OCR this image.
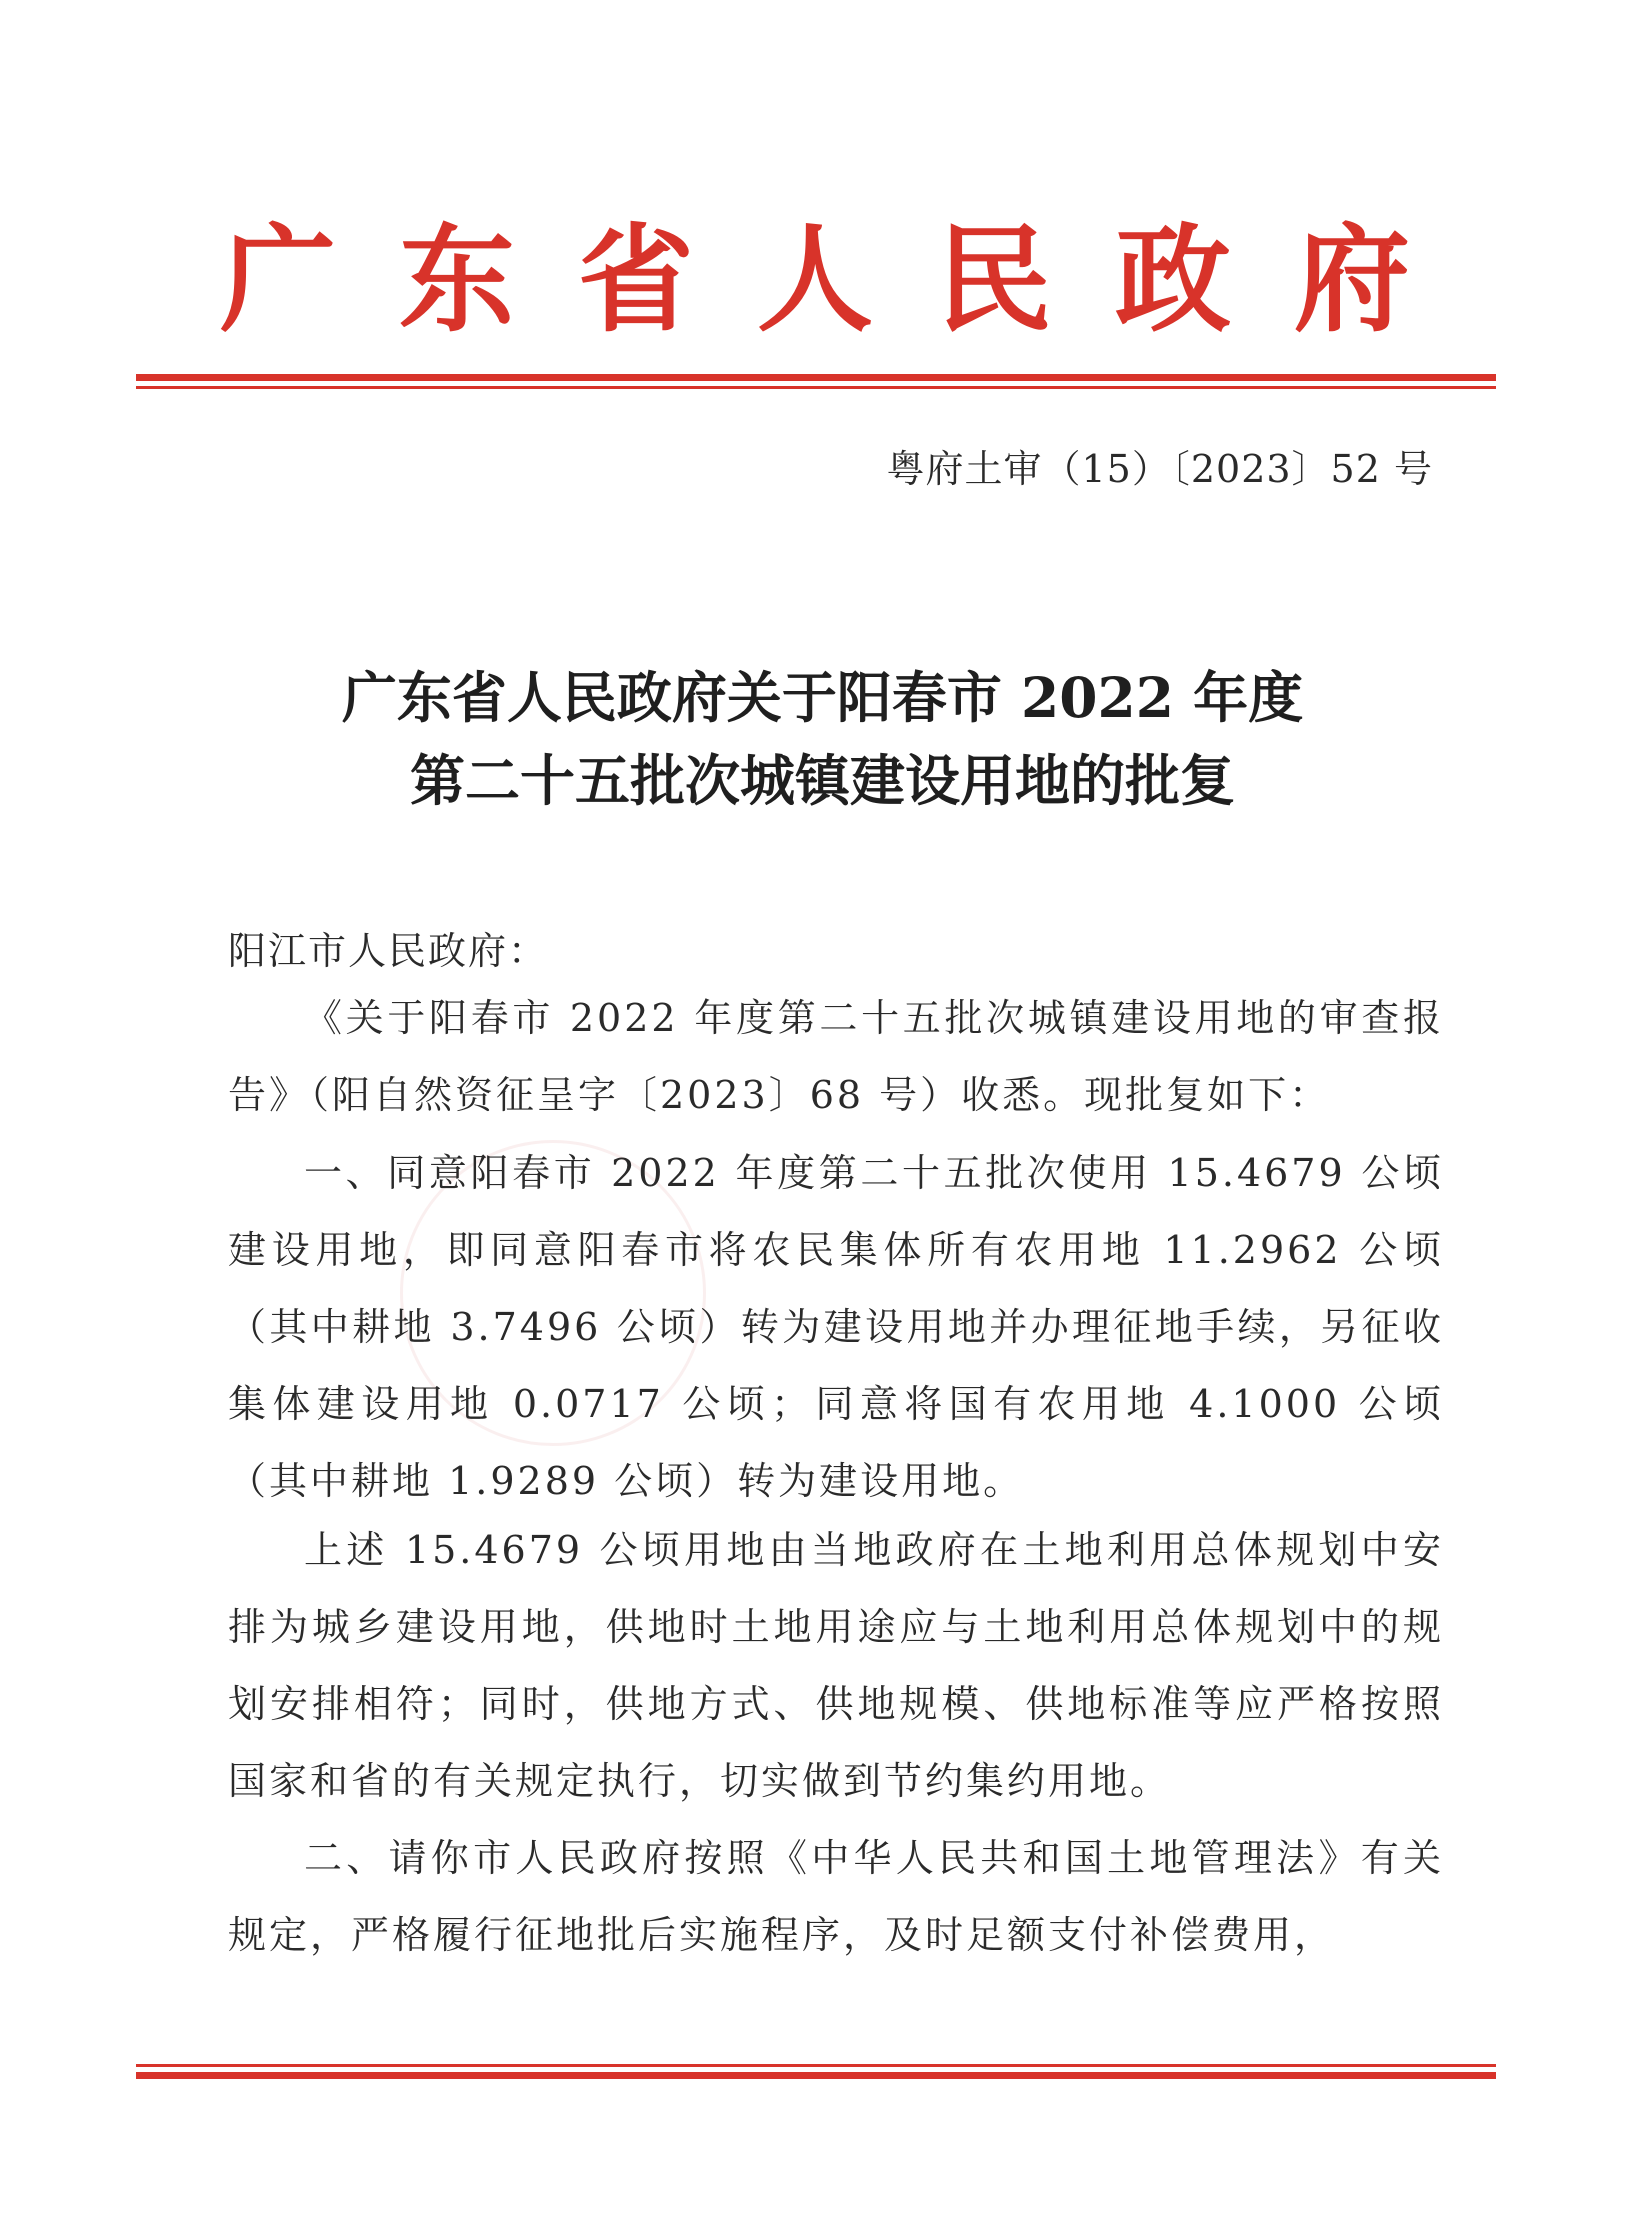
广 东 省 人 民 政 府
粤府土审（15）〔2023〕52 号
广东省人民政府关于阳春市 2022 年度
第二十五批次城镇建设用地的批复
阳江市人民政府：

《关于阳春市 2022 年度第二十五批次城镇建设用地的审查报告》（阳自然资征呈字〔2023〕68 号）收悉。现批复如下：

一、同意阳春市 2022 年度第二十五批次使用 15.4679 公顷建设用地，即同意阳春市将农民集体所有农用地 11.2962 公顷（其中耕地 3.7496 公顷）转为建设用地并办理征地手续，另征收集体建设用地 0.0717 公顷；同意将国有农用地 4.1000 公顷（其中耕地 1.9289 公顷）转为建设用地。

上述 15.4679 公顷用地由当地政府在土地利用总体规划中安排为城乡建设用地，供地时土地用途应与土地利用总体规划中的规划安排相符；同时，供地方式、供地规模、供地标准等应严格按照国家和省的有关规定执行，切实做到节约集约用地。

二、请你市人民政府按照《中华人民共和国土地管理法》有关规定，严格履行征地批后实施程序，及时足额支付补偿费用，
